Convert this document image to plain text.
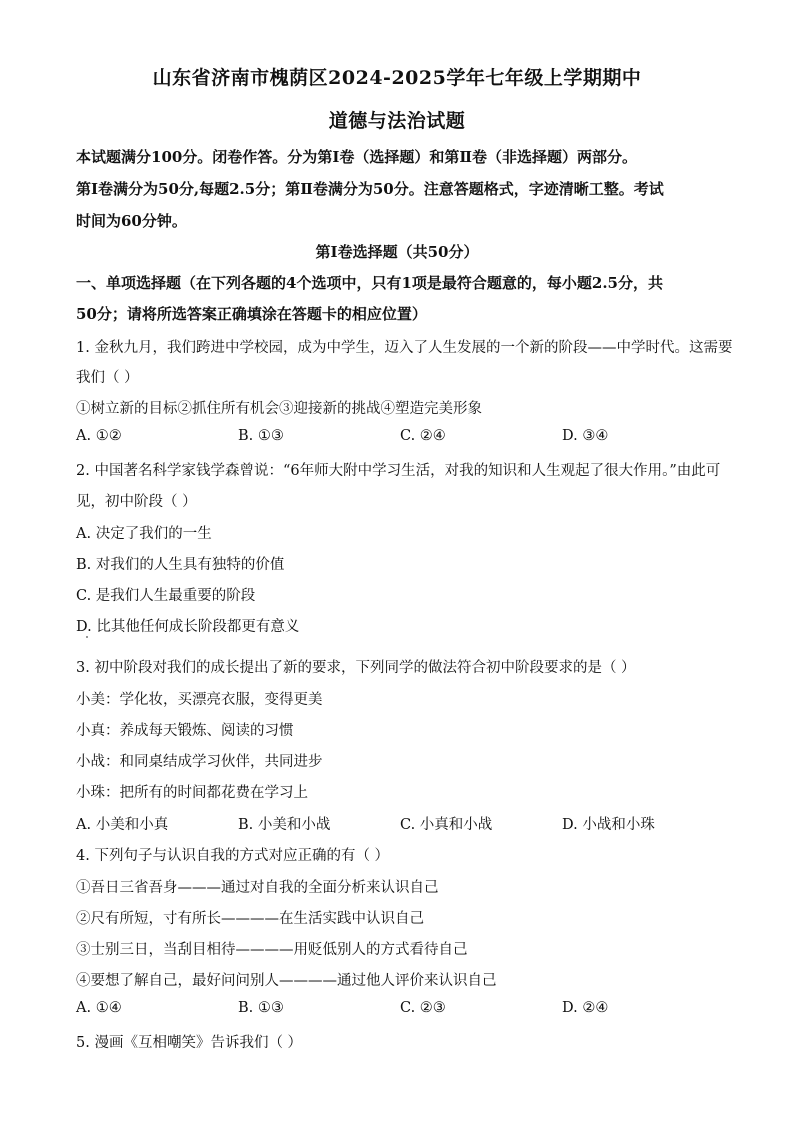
山东省济南市槐荫区2024-2025学年七年级上学期期中
道德与法治试题
本试题满分100分。闭卷作答。分为第Ⅰ卷（选择题）和第Ⅱ卷（非选择题）两部分。
第Ⅰ卷满分为50分,每题2.5分；第Ⅱ卷满分为50分。注意答题格式，字迹清晰工整。考试
时间为60分钟。
第Ⅰ卷选择题（共50分）
一、单项选择题（在下列各题的4个选项中，只有1项是最符合题意的，每小题2.5分，共
50分；请将所选答案正确填涂在答题卡的相应位置）
1. 金秋九月，我们跨进中学校园，成为中学生，迈入了人生发展的一个新的阶段——中学时代。这需要
我们（ ）
①树立新的目标②抓住所有机会③迎接新的挑战④塑造完美形象
A. ①②	B. ①③	C. ②④	D. ③④
2. 中国著名科学家钱学森曾说：“6年师大附中学习生活，对我的知识和人生观起了很大作用。”由此可
见，初中阶段（ ）
A. 决定了我们的一生
B. 对我们的人生具有独特的价值
C. 是我们人生最重要的阶段
D. 比其他任何成长阶段都更有意义
3. 初中阶段对我们的成长提出了新的要求，下列同学的做法符合初中阶段要求的是（ ）
小美：学化妆，买漂亮衣服，变得更美
小真：养成每天锻炼、阅读的习惯
小战：和同桌结成学习伙伴，共同进步
小珠：把所有的时间都花费在学习上
A. 小美和小真	B. 小美和小战	C. 小真和小战	D. 小战和小珠
4. 下列句子与认识自我的方式对应正确的有（ ）
①吾日三省吾身———通过对自我的全面分析来认识自己
②尺有所短，寸有所长————在生活实践中认识自己
③士别三日，当刮目相待————用贬低别人的方式看待自己
④要想了解自己，最好问问别人————通过他人评价来认识自己
A. ①④	B. ①③	C. ②③	D. ②④
5. 漫画《互相嘲笑》告诉我们（ ）
